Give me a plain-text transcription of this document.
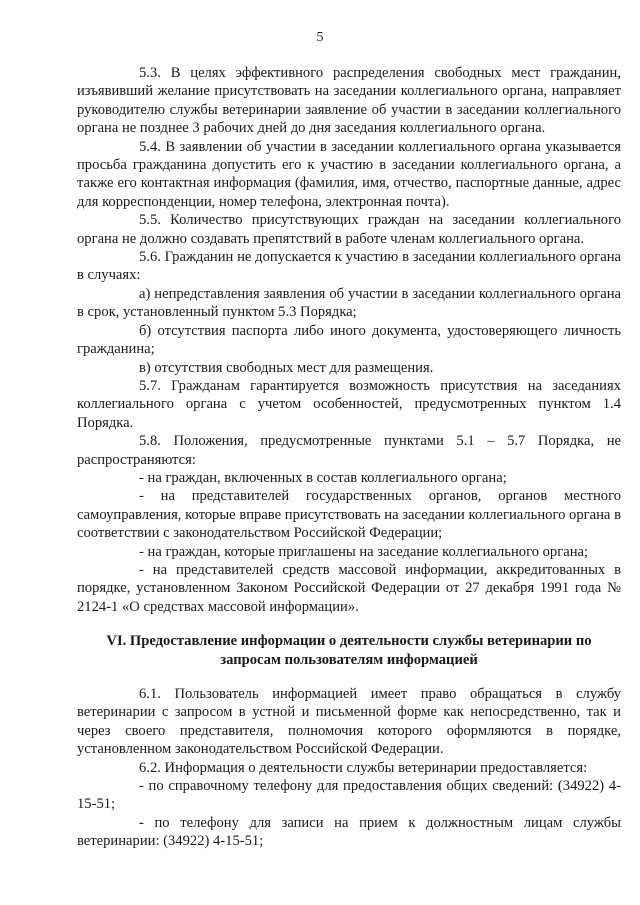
5

5.3. В целях эффективного распределения свободных мест гражданин, изъявивший желание присутствовать на заседании коллегиального органа, направляет руководителю службы ветеринарии заявление об участии в заседании коллегиального органа не позднее 3 рабочих дней до дня заседания коллегиального органа.

5.4. В заявлении об участии в заседании коллегиального органа указывается просьба гражданина допустить его к участию в заседании коллегиального органа, а также его контактная информация (фамилия, имя, отчество, паспортные данные, адрес для корреспонденции, номер телефона, электронная почта).

5.5. Количество присутствующих граждан на заседании коллегиального органа не должно создавать препятствий в работе членам коллегиального органа.

5.6. Гражданин не допускается к участию в заседании коллегиального органа в случаях:

а) непредставления заявления об участии в заседании коллегиального органа в срок, установленный пунктом 5.3 Порядка;

б) отсутствия паспорта либо иного документа, удостоверяющего личность гражданина;

в) отсутствия свободных мест для размещения.

5.7. Гражданам гарантируется возможность присутствия на заседаниях коллегиального органа с учетом особенностей, предусмотренных пунктом 1.4 Порядка.

5.8. Положения, предусмотренные пунктами 5.1 – 5.7 Порядка, не распространяются:

- на граждан, включенных в состав коллегиального органа;

- на представителей государственных органов, органов местного самоуправления, которые вправе присутствовать на заседании коллегиального органа в соответствии с законодательством Российской Федерации;

- на граждан, которые приглашены на заседание коллегиального органа;

- на представителей средств массовой информации, аккредитованных в порядке, установленном Законом Российской Федерации от 27 декабря 1991 года № 2124-1 «О средствах массовой информации».

VI. Предоставление информации о деятельности службы ветеринарии по запросам пользователям информацией

6.1. Пользователь информацией имеет право обращаться в службу ветеринарии с запросом в устной и письменной форме как непосредственно, так и через своего представителя, полномочия которого оформляются в порядке, установленном законодательством Российской Федерации.

6.2. Информация о деятельности службы ветеринарии предоставляется:

- по справочному телефону для предоставления общих сведений: (34922) 4-15-51;

- по телефону для записи на прием к должностным лицам службы ветеринарии: (34922) 4-15-51;
